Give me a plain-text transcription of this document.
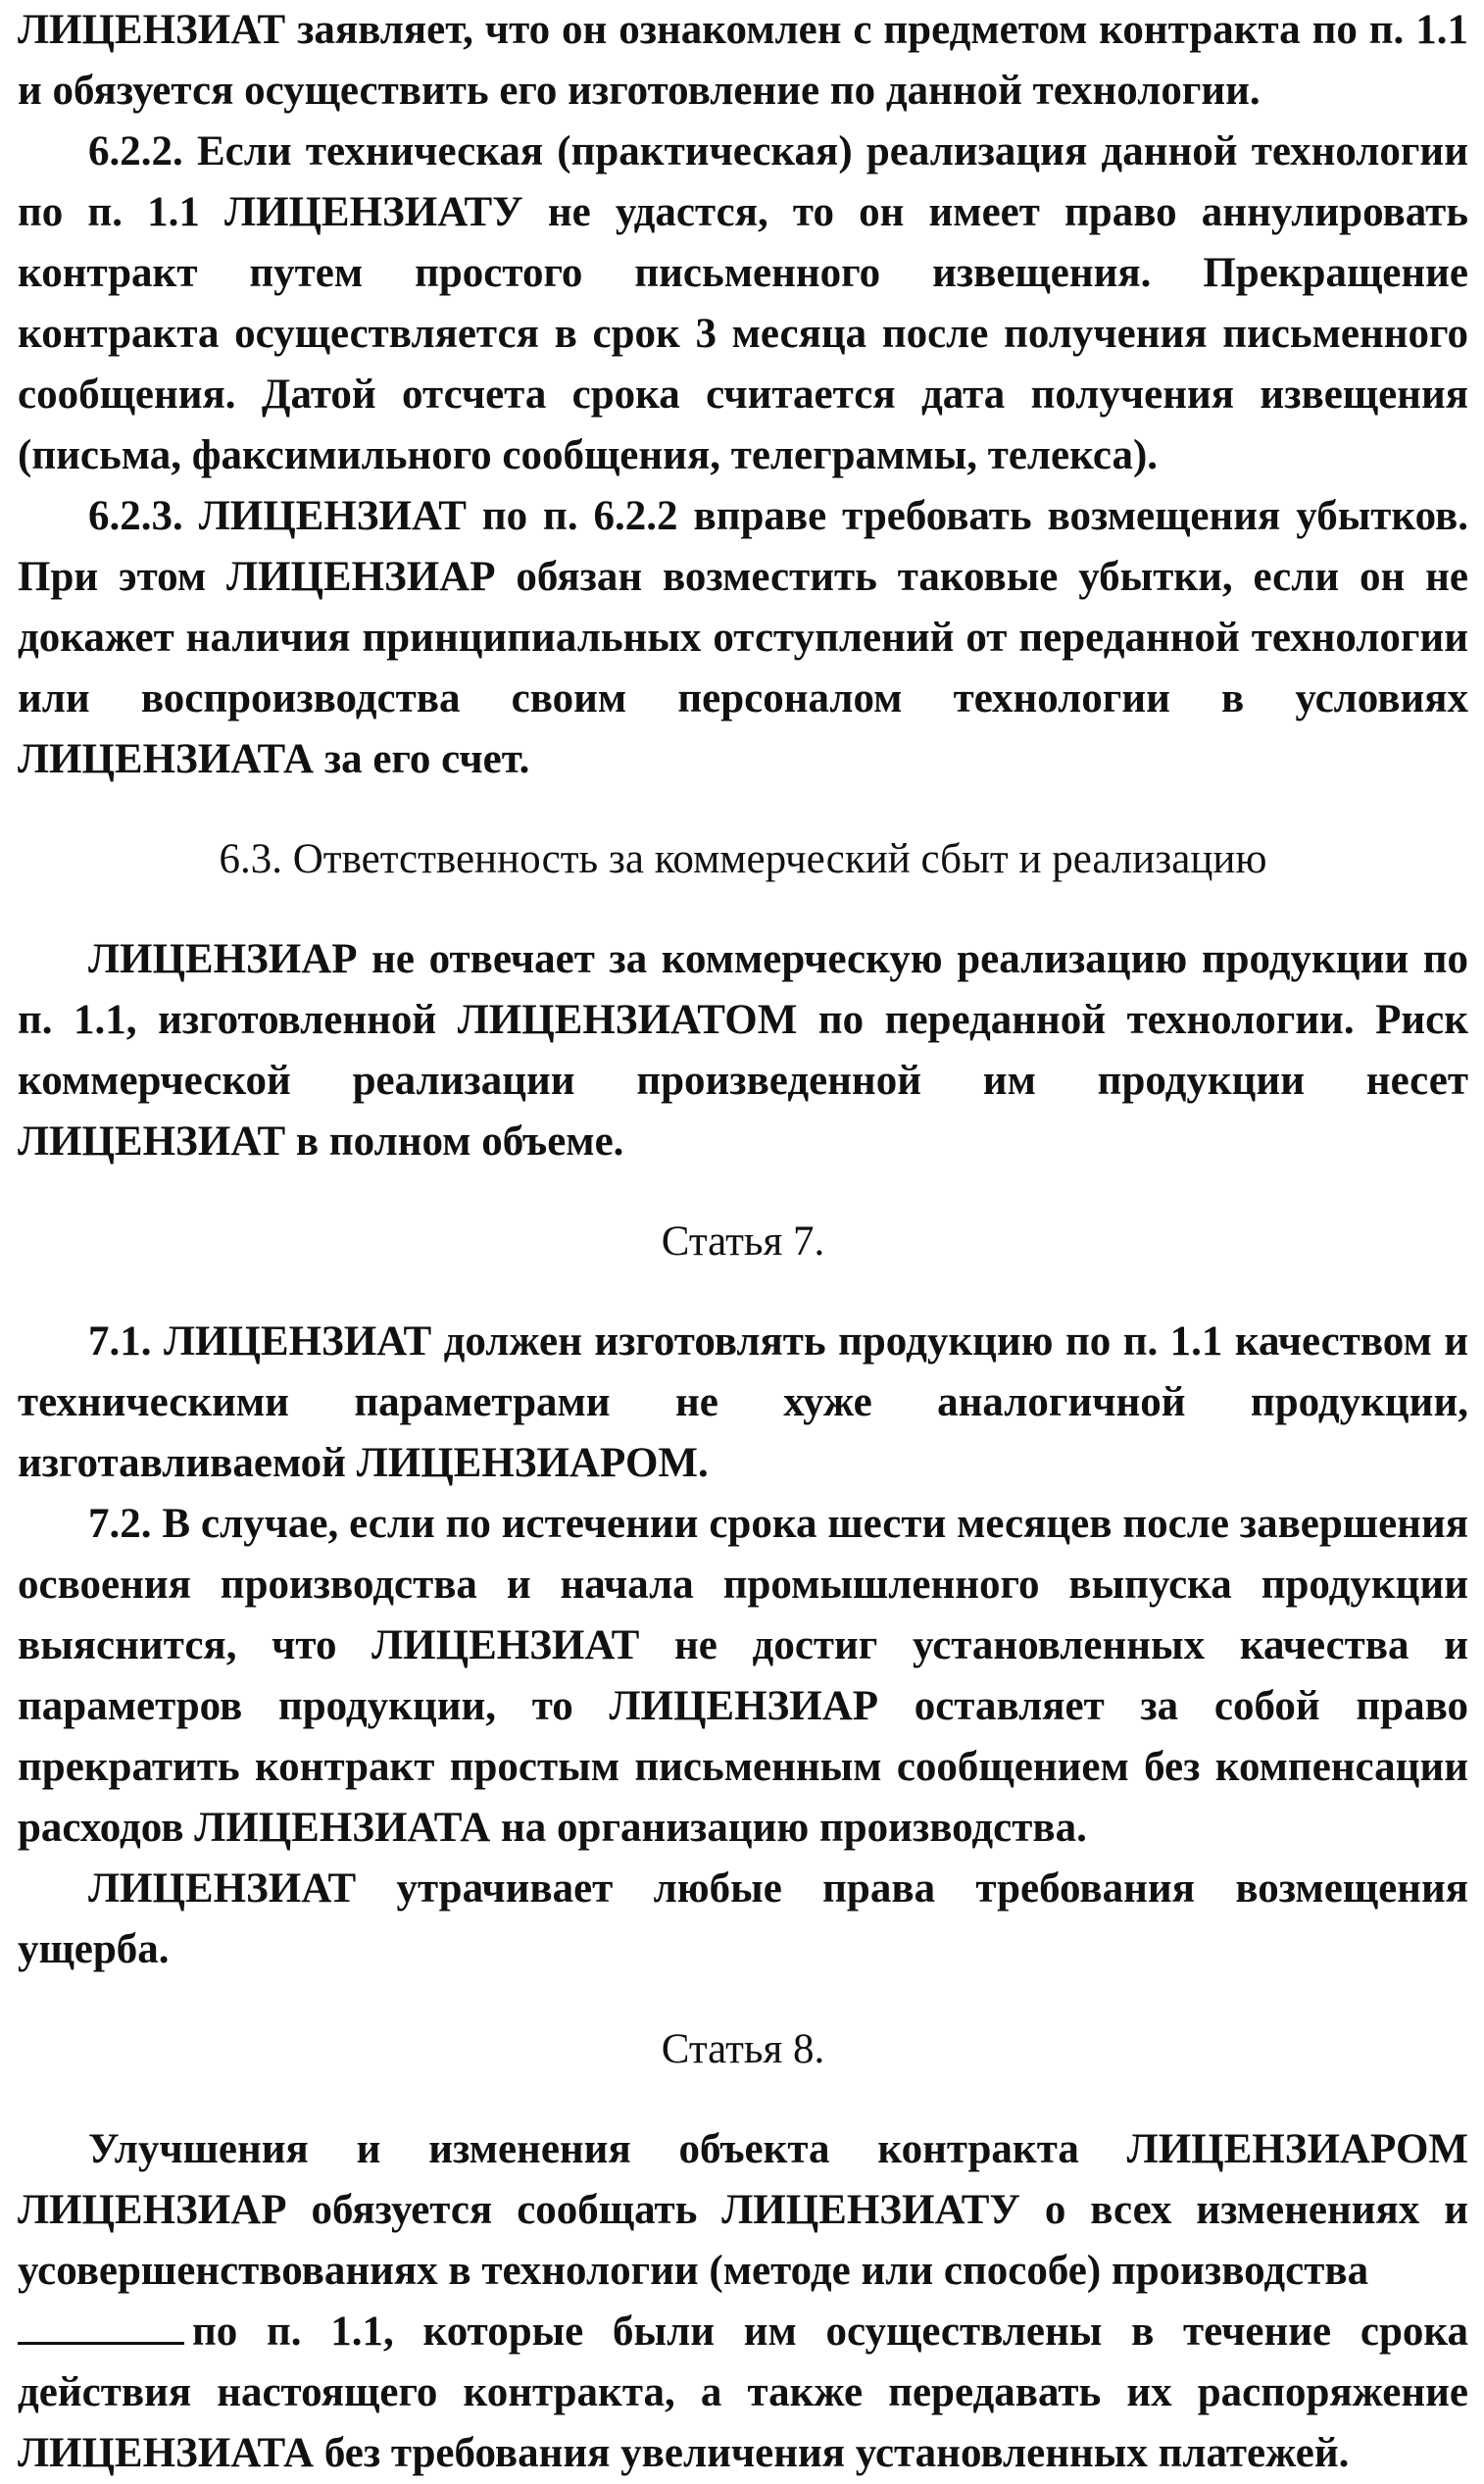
ЛИЦЕНЗИАТ заявляет, что он ознакомлен с предметом контракта по п. 1.1 и обязуется осуществить его изготовление по данной технологии.

6.2.2. Если техническая (практическая) реализация данной технологии по п. 1.1 ЛИЦЕНЗИАТУ не удастся, то он имеет право аннулировать контракт путем простого письменного извещения. Прекращение контракта осуществляется в срок 3 месяца после получения письменного сообщения. Датой отсчета срока считается дата получения извещения (письма, факсимильного сообщения, телеграммы, телекса).

6.2.3. ЛИЦЕНЗИАТ по п. 6.2.2 вправе требовать возмещения убытков. При этом ЛИЦЕНЗИАР обязан возместить таковые убытки, если он не докажет наличия принципиальных отступлений от переданной технологии или воспроизводства своим персоналом технологии в условиях ЛИЦЕНЗИАТА за его счет.

6.3. Ответственность за коммерческий сбыт и реализацию

ЛИЦЕНЗИАР не отвечает за коммерческую реализацию продукции по п. 1.1, изготовленной ЛИЦЕНЗИАТОМ по переданной технологии. Риск коммерческой реализации произведенной им продукции несет ЛИЦЕНЗИАТ в полном объеме.

Статья 7.

7.1. ЛИЦЕНЗИАТ должен изготовлять продукцию по п. 1.1 качеством и техническими параметрами не хуже аналогичной продукции, изготавливаемой ЛИЦЕНЗИАРОМ.

7.2. В случае, если по истечении срока шести месяцев после завершения освоения производства и начала промышленного выпуска продукции выяснится, что ЛИЦЕНЗИАТ не достиг установленных качества и параметров продукции, то ЛИЦЕНЗИАР оставляет за собой право прекратить контракт простым письменным сообщением без компенсации расходов ЛИЦЕНЗИАТА на организацию производства.

ЛИЦЕНЗИАТ утрачивает любые права требования возмещения ущерба.

Статья 8.

Улучшения и изменения объекта контракта ЛИЦЕНЗИАРОМ ЛИЦЕНЗИАР обязуется сообщать ЛИЦЕНЗИАТУ о всех изменениях и усовершенствованиях в технологии (методе или способе) производства

по п. 1.1, которые были им осуществлены в течение срока действия настоящего контракта, а также передавать их распоряжение ЛИЦЕНЗИАТА без требования увеличения установленных платежей.
